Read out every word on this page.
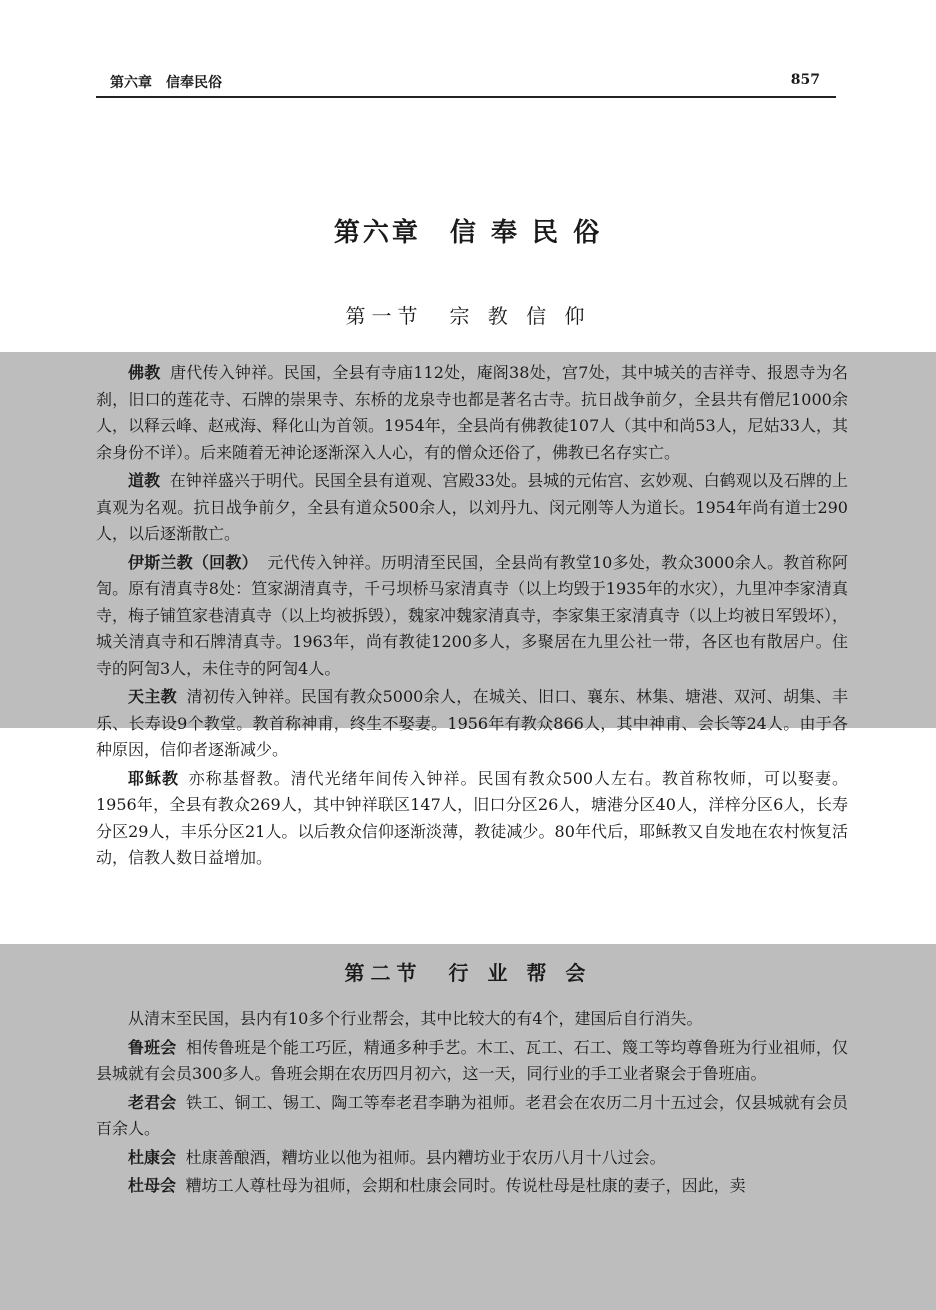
第六章　信奉民俗	857
第六章　信 奉 民 俗
第一节　宗 教 信 仰

佛教 唐代传入钟祥。民国，全县有寺庙112处，庵阁38处，宫7处，其中城关的吉祥寺、报恩寺为名刹，旧口的莲花寺、石牌的崇果寺、东桥的龙泉寺也都是著名古寺。抗日战争前夕，全县共有僧尼1000余人，以释云峰、赵戒海、释化山为首领。1954年，全县尚有佛教徒107人（其中和尚53人，尼姑33人，其余身份不详）。后来随着无神论逐渐深入人心，有的僧众还俗了，佛教已名存实亡。

道教 在钟祥盛兴于明代。民国全县有道观、宫殿33处。县城的元佑宫、玄妙观、白鹤观以及石牌的上真观为名观。抗日战争前夕，全县有道众500余人，以刘丹九、闵元刚等人为道长。1954年尚有道士290人，以后逐渐散亡。

伊斯兰教（回教） 元代传入钟祥。历明清至民国，全县尚有教堂10多处，教众3000余人。教首称阿訇。原有清真寺8处：笪家湖清真寺，千弓坝桥马家清真寺（以上均毁于1935年的水灾），九里冲李家清真寺，梅子铺笪家巷清真寺（以上均被拆毁），魏家冲魏家清真寺，李家集王家清真寺（以上均被日军毁坏），城关清真寺和石牌清真寺。1963年，尚有教徒1200多人，多聚居在九里公社一带，各区也有散居户。住寺的阿訇3人，未住寺的阿訇4人。

天主教 清初传入钟祥。民国有教众5000余人，在城关、旧口、襄东、林集、塘港、双河、胡集、丰乐、长寿设9个教堂。教首称神甫，终生不娶妻。1956年有教众866人，其中神甫、会长等24人。由于各种原因，信仰者逐渐减少。

耶稣教 亦称基督教。清代光绪年间传入钟祥。民国有教众500人左右。教首称牧师，可以娶妻。1956年，全县有教众269人，其中钟祥联区147人，旧口分区26人，塘港分区40人，洋梓分区6人，长寿分区29人，丰乐分区21人。以后教众信仰逐渐淡薄，教徒减少。80年代后，耶稣教又自发地在农村恢复活动，信教人数日益增加。

第二节　行 业 帮 会

从清末至民国，县内有10多个行业帮会，其中比较大的有4个，建国后自行消失。

鲁班会 相传鲁班是个能工巧匠，精通多种手艺。木工、瓦工、石工、篾工等均尊鲁班为行业祖师，仅县城就有会员300多人。鲁班会期在农历四月初六，这一天，同行业的手工业者聚会于鲁班庙。

老君会 铁工、铜工、锡工、陶工等奉老君李聃为祖师。老君会在农历二月十五过会，仅县城就有会员百余人。

杜康会 杜康善酿酒，糟坊业以他为祖师。县内糟坊业于农历八月十八过会。

杜母会 糟坊工人尊杜母为祖师，会期和杜康会同时。传说杜母是杜康的妻子，因此，卖
